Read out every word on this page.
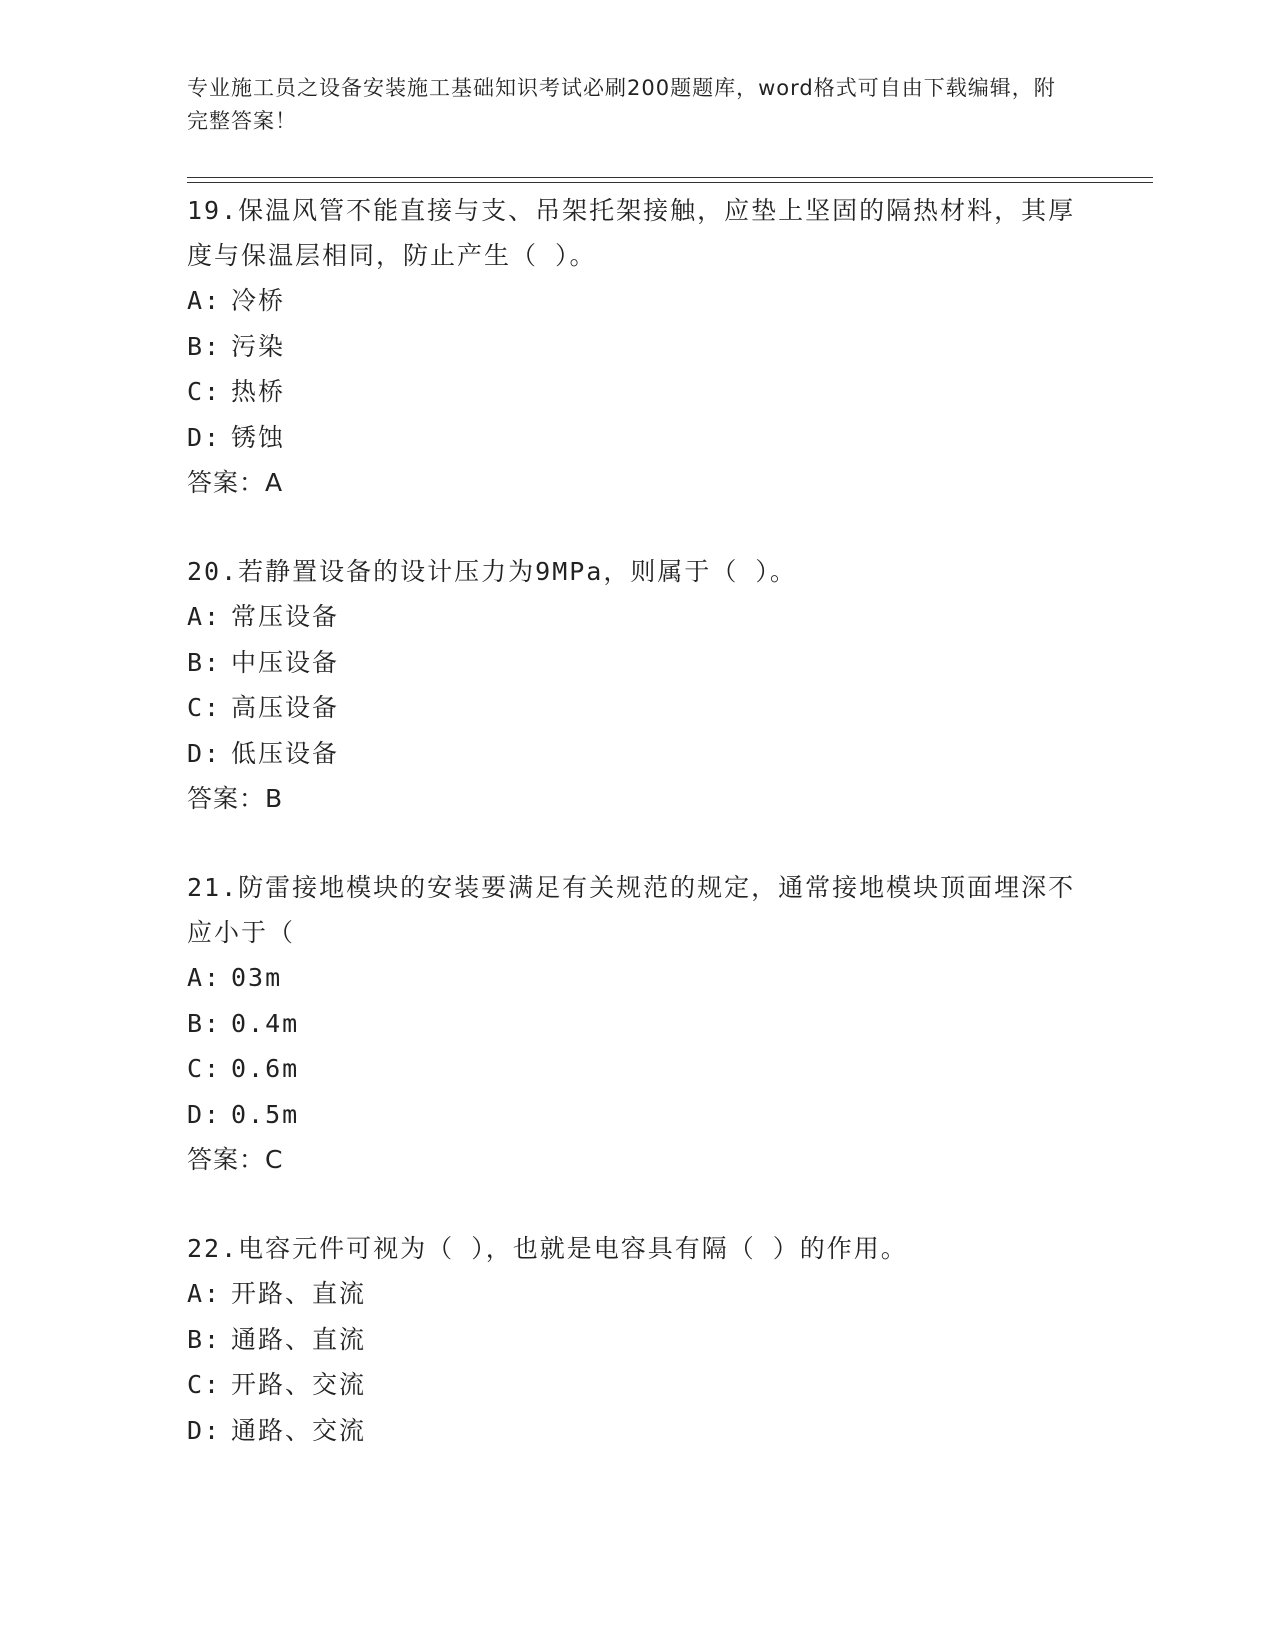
专业施工员之设备安装施工基础知识考试必刷200题题库，word格式可自由下载编辑，附完整答案！

19.保温风管不能直接与支、吊架托架接触，应垫上坚固的隔热材料，其厚度与保温层相同，防止产生（ ）。

A: 冷桥
B: 污染
C: 热桥
D: 锈蚀

答案：A

20.若静置设备的设计压力为9MPa，则属于（ ）。

A: 常压设备
B: 中压设备
C: 高压设备
D: 低压设备

答案：B

21.防雷接地模块的安装要满足有关规范的规定，通常接地模块顶面埋深不应小于（

A: 03m
B: 0.4m
C: 0.6m
D: 0.5m

答案：C

22.电容元件可视为（ ），也就是电容具有隔（ ）的作用。

A: 开路、直流
B: 通路、直流
C: 开路、交流
D: 通路、交流
